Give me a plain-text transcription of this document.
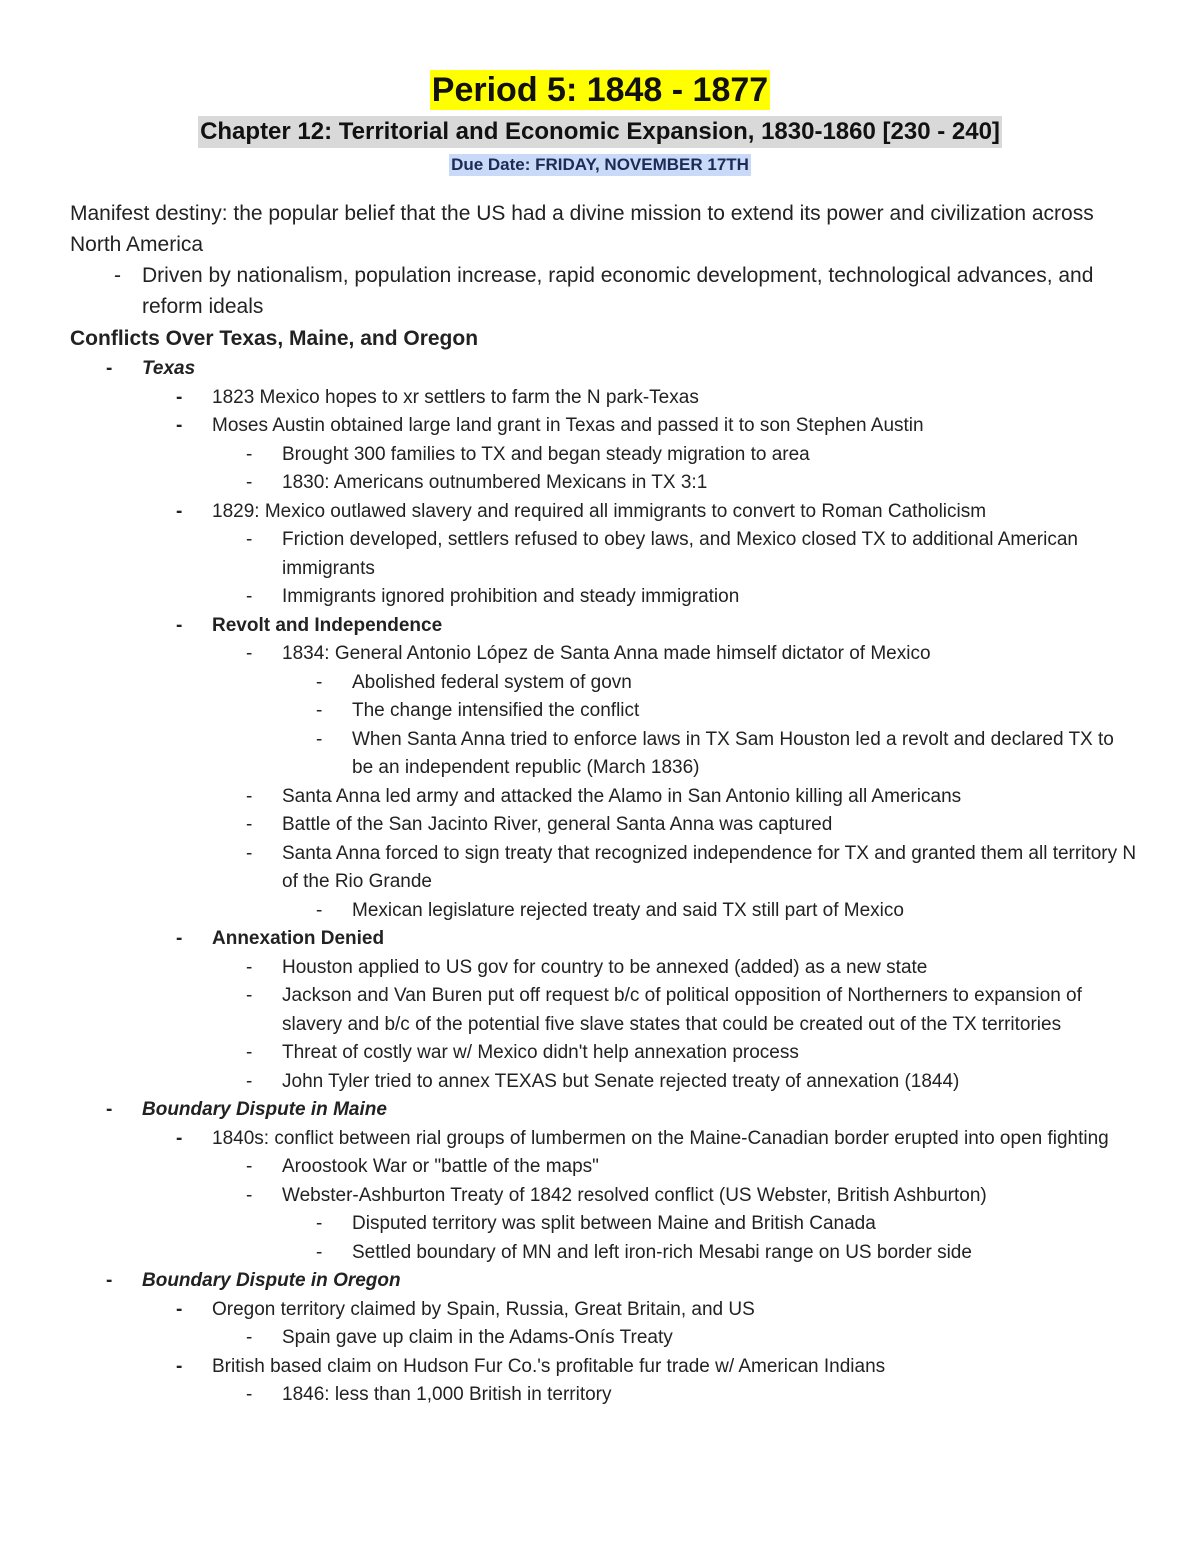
Period 5: 1848 - 1877
Chapter 12: Territorial and Economic Expansion, 1830-1860 [230 - 240]
Due Date: FRIDAY, NOVEMBER 17TH

Manifest destiny: the popular belief that the US had a divine mission to extend its power and civilization across North America

- Driven by nationalism, population increase, rapid economic development, technological advances, and reform ideals

Conflicts Over Texas, Maine, and Oregon

- Texas
- 1823 Mexico hopes to xr settlers to farm the N park-Texas
- Moses Austin obtained large land grant in Texas and passed it to son Stephen Austin
- Brought 300 families to TX and began steady migration to area
- 1830: Americans outnumbered Mexicans in TX 3:1
- 1829: Mexico outlawed slavery and required all immigrants to convert to Roman Catholicism
- Friction developed, settlers refused to obey laws, and Mexico closed TX to additional American immigrants
- Immigrants ignored prohibition and steady immigration
- Revolt and Independence
- 1834: General Antonio López de Santa Anna made himself dictator of Mexico
- Abolished federal system of govn
- The change intensified the conflict
- When Santa Anna tried to enforce laws in TX Sam Houston led a revolt and declared TX to be an independent republic (March 1836)
- Santa Anna led army and attacked the Alamo in San Antonio killing all Americans
- Battle of the San Jacinto River, general Santa Anna was captured
- Santa Anna forced to sign treaty that recognized independence for TX and granted them all territory N of the Rio Grande
- Mexican legislature rejected treaty and said TX still part of Mexico
- Annexation Denied
- Houston applied to US gov for country to be annexed (added) as a new state
- Jackson and Van Buren put off request b/c of political opposition of Northerners to expansion of slavery and b/c of the potential five slave states that could be created out of the TX territories
- Threat of costly war w/ Mexico didn't help annexation process
- John Tyler tried to annex TEXAS but Senate rejected treaty of annexation (1844)
- Boundary Dispute in Maine
- 1840s: conflict between rial groups of lumbermen on the Maine-Canadian border erupted into open fighting
- Aroostook War or "battle of the maps"
- Webster-Ashburton Treaty of 1842 resolved conflict (US Webster, British Ashburton)
- Disputed territory was split between Maine and British Canada
- Settled boundary of MN and left iron-rich Mesabi range on US border side
- Boundary Dispute in Oregon
- Oregon territory claimed by Spain, Russia, Great Britain, and US
- Spain gave up claim in the Adams-Onís Treaty
- British based claim on Hudson Fur Co.'s profitable fur trade w/ American Indians
- 1846: less than 1,000 British in territory
